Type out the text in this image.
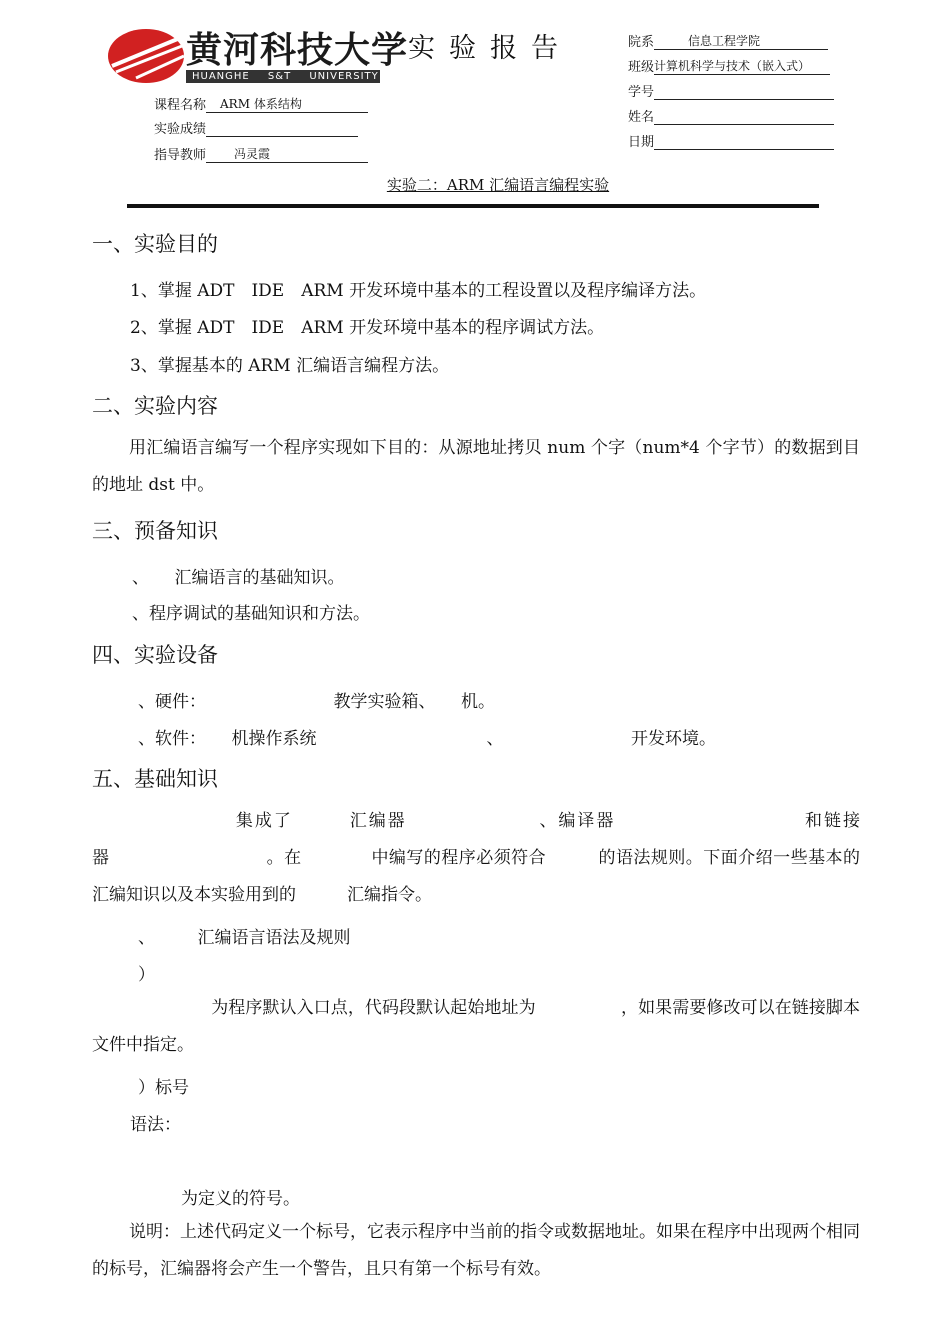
黄河科技大学
HUANGHE S&T UNIVERSITY
实验报告
课程名称	ARM 体系结构
实验成绩
指导教师	冯灵霞
院系	信息工程学院
班级 计算机科学与技术（嵌入式）
学号
姓名
日期
实验二：ARM 汇编语言编程实验
一、实验目的
1、掌握 ADT　IDE　ARM 开发环境中基本的工程设置以及程序编译方法。
2、掌握 ADT　IDE　ARM 开发环境中基本的程序调试方法。
3、掌握基本的 ARM 汇编语言编程方法。
二、实验内容
用汇编语言编写一个程序实现如下目的：从源地址拷贝 num 个字（num*4 个字节）的数据到目的地址 dst 中。
三、预备知识
、　　汇编语言的基础知识。
、程序调试的基础知识和方法。
四、实验设备
、硬件：　　　　　　　　教学实验箱、　　机。
、软件：　　机操作系统　　　　　　　　　　、　　　　　　　　开发环境。
五、基础知识
　　　　集成了　　　汇编器　　　　　　　、编译器　　　　　　　　　　和链接器　　　　　　　　　。在　　　　中编写的程序必须符合　　　的语法规则。下面介绍一些基本的　　　汇编知识以及本实验用到的　　　汇编指令。
、　　　汇编语言语法及规则
）
　　　为程序默认入口点，代码段默认起始地址为　　　　　，如果需要修改可以在链接脚本文件中指定。
）标号
语法：
　　　为定义的符号。
说明：上述代码定义一个标号，它表示程序中当前的指令或数据地址。如果在程序中出现两个相同的标号，汇编器将会产生一个警告，且只有第一个标号有效。
